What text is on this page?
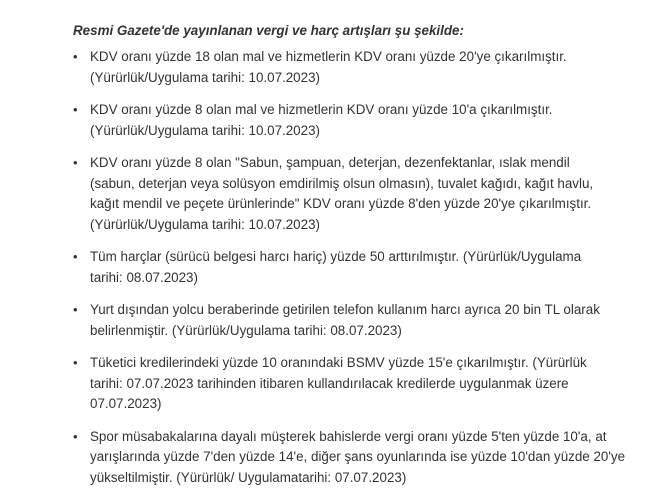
Resmi Gazete'de yayınlanan vergi ve harç artışları şu şekilde:
• KDV oranı yüzde 18 olan mal ve hizmetlerin KDV oranı yüzde 20'ye çıkarılmıştır.
(Yürürlük/Uygulama tarihi: 10.07.2023)
• KDV oranı yüzde 8 olan mal ve hizmetlerin KDV oranı yüzde 10'a çıkarılmıştır.
(Yürürlük/Uygulama tarihi: 10.07.2023)
• KDV oranı yüzde 8 olan "Sabun, şampuan, deterjan, dezenfektanlar, ıslak mendil
(sabun, deterjan veya solüsyon emdirilmiş olsun olmasın), tuvalet kağıdı, kağıt havlu,
kağıt mendil ve peçete ürünlerinde" KDV oranı yüzde 8'den yüzde 20'ye çıkarılmıştır.
(Yürürlük/Uygulama tarihi: 10.07.2023)
• Tüm harçlar (sürücü belgesi harcı hariç) yüzde 50 arttırılmıştır. (Yürürlük/Uygulama
tarihi: 08.07.2023)
• Yurt dışından yolcu beraberinde getirilen telefon kullanım harcı ayrıca 20 bin TL olarak
belirlenmiştir. (Yürürlük/Uygulama tarihi: 08.07.2023)
• Tüketici kredilerindeki yüzde 10 oranındaki BSMV yüzde 15'e çıkarılmıştır. (Yürürlük
tarihi: 07.07.2023 tarihinden itibaren kullandırılacak kredilerde uygulanmak üzere
07.07.2023)
• Spor müsabakalarına dayalı müşterek bahislerde vergi oranı yüzde 5'ten yüzde 10'a, at
yarışlarında yüzde 7'den yüzde 14'e, diğer şans oyunlarında ise yüzde 10'dan yüzde 20'ye
yükseltilmiştir. (Yürürlük/ Uygulamatarihi: 07.07.2023)
